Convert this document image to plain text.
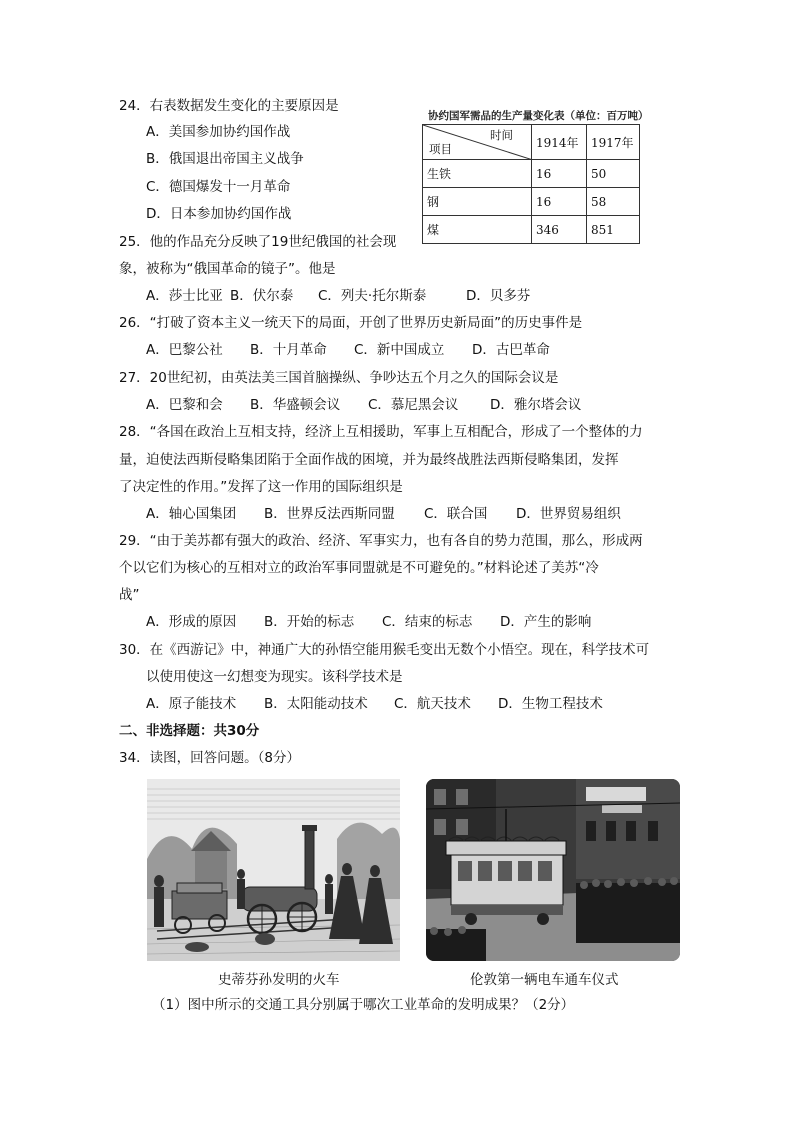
24．右表数据发生变化的主要原因是
A．美国参加协约国作战
B．俄国退出帝国主义战争
C．德国爆发十一月革命
D．日本参加协约国作战
协约国军需品的生产量变化表（单位：百万吨）
时间
项目	1914年	1917年
生铁	16	50
钢	16	58
煤	346	851
25．他的作品充分反映了19世纪俄国的社会现
象，被称为“俄国革命的镜子”。他是
A．莎士比亚 B．伏尔泰 C．列夫·托尔斯泰	D．贝多芬
26．“打破了资本主义一统天下的局面，开创了世界历史新局面”的历史事件是
A．巴黎公社 B．十月革命 C．新中国成立 D．古巴革命
27．20世纪初，由英法美三国首脑操纵、争吵达五个月之久的国际会议是
A．巴黎和会 B．华盛顿会议 C．慕尼黑会议 D．雅尔塔会议
28．“各国在政治上互相支持，经济上互相援助，军事上互相配合，形成了一个整体的力
量，迫使法西斯侵略集团陷于全面作战的困境，并为最终战胜法西斯侵略集团，发挥
了决定性的作用。”发挥了这一作用的国际组织是
A．轴心国集团 B．世界反法西斯同盟 C．联合国 D．世界贸易组织
29．“由于美苏都有强大的政治、经济、军事实力，也有各自的势力范围，那么，形成两
个以它们为核心的互相对立的政治军事同盟就是不可避免的。”材料论述了美苏“冷
战”
A．形成的原因 B．开始的标志 C．结束的标志 D．产生的影响
30．在《西游记》中，神通广大的孙悟空能用猴毛变出无数个小悟空。现在，科学技术可
以使用使这一幻想变为现实。该科学技术是
A．原子能技术 B．太阳能动技术 C．航天技术 D．生物工程技术
二、非选择题：共30分
34．读图，回答问题。（8分）
史蒂芬孙发明的火车	伦敦第一辆电车通车仪式
（1）图中所示的交通工具分别属于哪次工业革命的发明成果？（2分）
